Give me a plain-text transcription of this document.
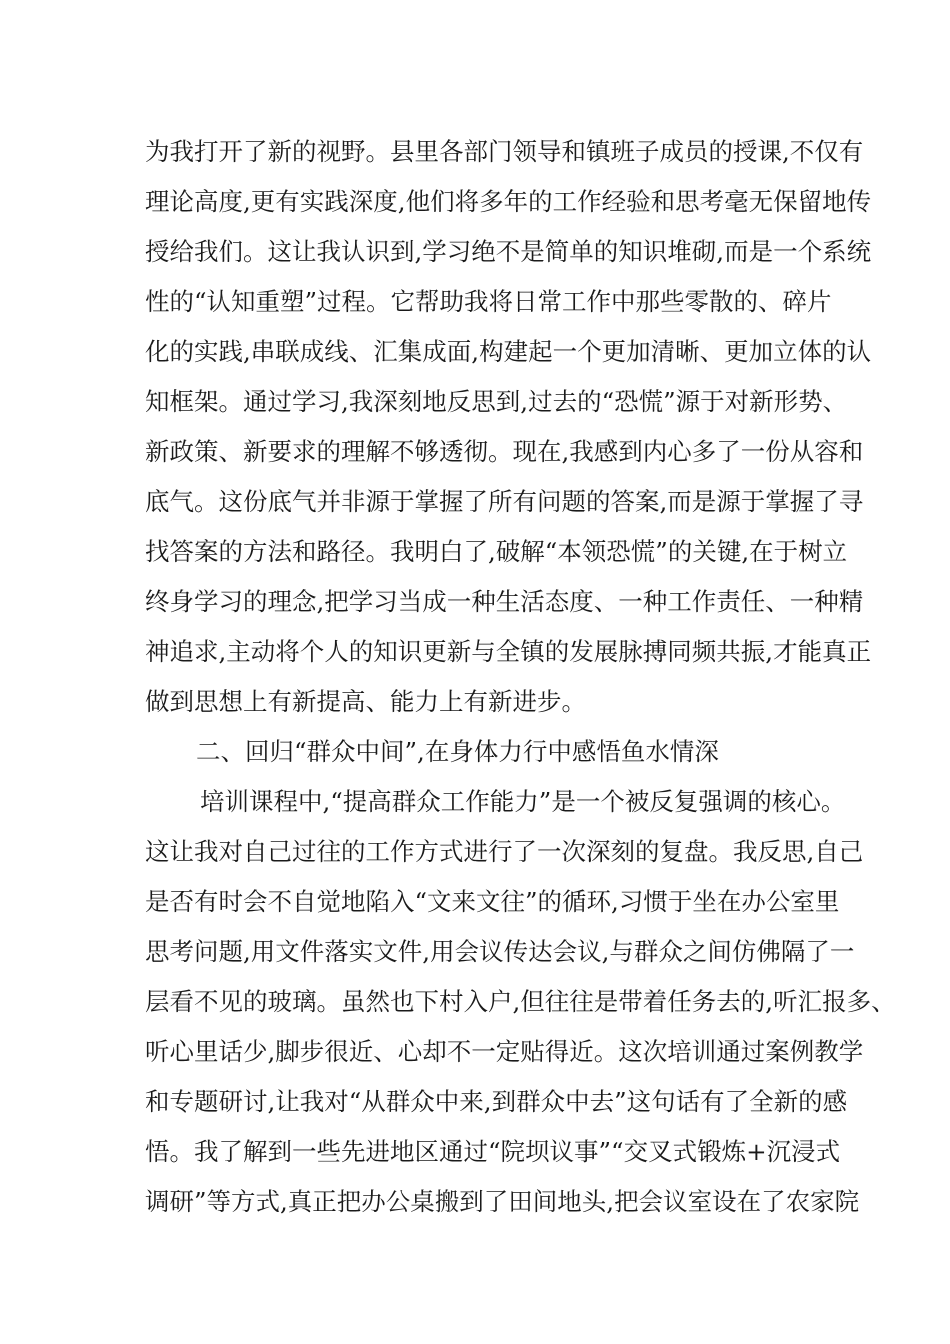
为我打开了新的视野。县里各部门领导和镇班子成员的授课,不仅有
理论高度,更有实践深度,他们将多年的工作经验和思考毫无保留地传
授给我们。这让我认识到,学习绝不是简单的知识堆砌,而是一个系统
性的“认知重塑”过程。它帮助我将日常工作中那些零散的、碎片
化的实践,串联成线、汇集成面,构建起一个更加清晰、更加立体的认
知框架。通过学习,我深刻地反思到,过去的“恐慌”源于对新形势、
新政策、新要求的理解不够透彻。现在,我感到内心多了一份从容和
底气。这份底气并非源于掌握了所有问题的答案,而是源于掌握了寻
找答案的方法和路径。我明白了,破解“本领恐慌”的关键,在于树立
终身学习的理念,把学习当成一种生活态度、一种工作责任、一种精
神追求,主动将个人的知识更新与全镇的发展脉搏同频共振,才能真正
做到思想上有新提高、能力上有新进步。
二、回归“群众中间”,在身体力行中感悟鱼水情深
培训课程中,“提高群众工作能力”是一个被反复强调的核心。
这让我对自己过往的工作方式进行了一次深刻的复盘。我反思,自己
是否有时会不自觉地陷入“文来文往”的循环,习惯于坐在办公室里
思考问题,用文件落实文件,用会议传达会议,与群众之间仿佛隔了一
层看不见的玻璃。虽然也下村入户,但往往是带着任务去的,听汇报多、
听心里话少,脚步很近、心却不一定贴得近。这次培训通过案例教学
和专题研讨,让我对“从群众中来,到群众中去”这句话有了全新的感
悟。我了解到一些先进地区通过“院坝议事”“交叉式锻炼+沉浸式
调研”等方式,真正把办公桌搬到了田间地头,把会议室设在了农家院
